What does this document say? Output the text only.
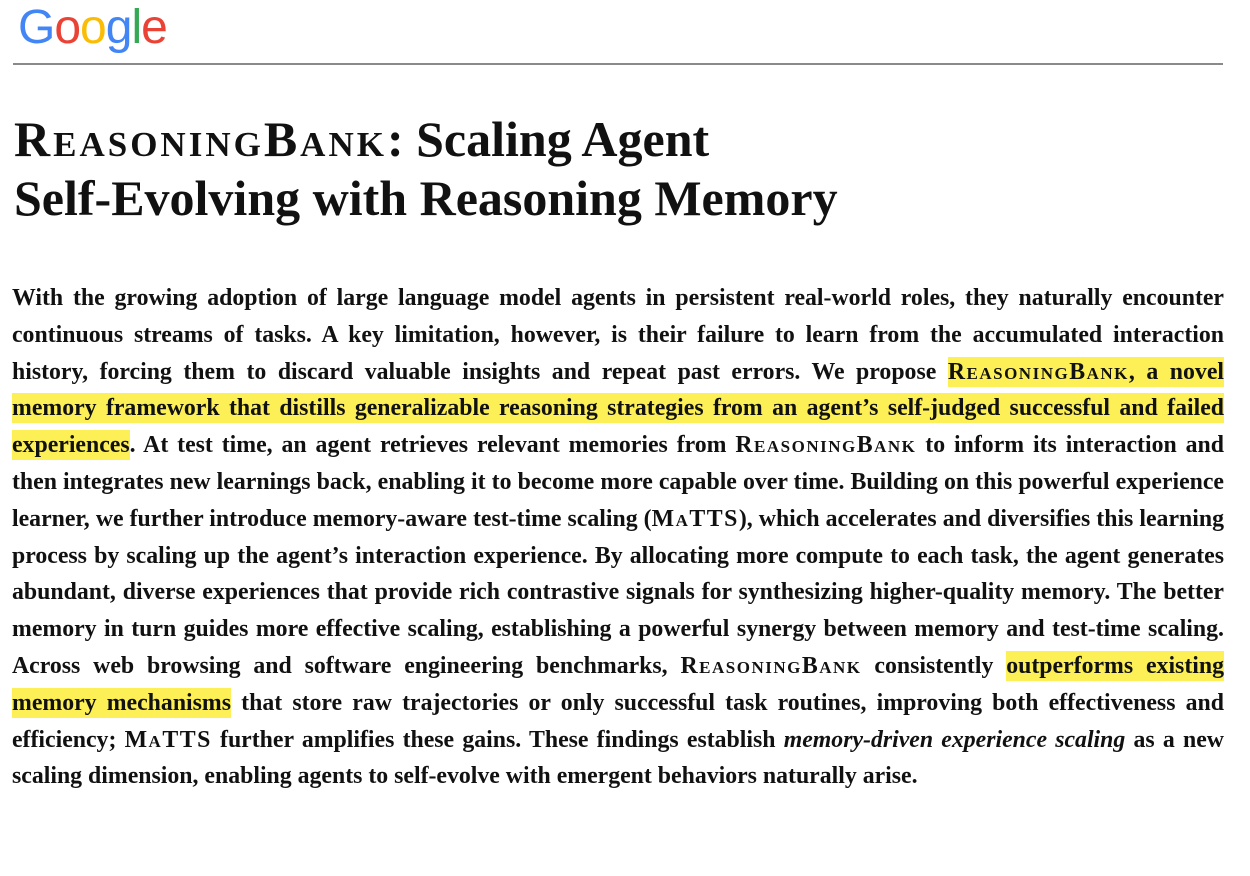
Google
ReasoningBank: Scaling Agent
Self-Evolving with Reasoning Memory

With the growing adoption of large language model agents in persistent real-world roles, they naturally encounter continuous streams of tasks. A key limitation, however, is their failure to learn from the accumulated interaction history, forcing them to discard valuable insights and repeat past errors. We propose ReasoningBank, a novel memory framework that distills generalizable reasoning strategies from an agent’s self-judged successful and failed experiences. At test time, an agent retrieves relevant memories from ReasoningBank to inform its interaction and then integrates new learnings back, enabling it to become more capable over time. Building on this powerful experience learner, we further introduce memory-aware test-time scaling (MaTTS), which accelerates and diversifies this learning process by scaling up the agent’s interaction experience. By allocating more compute to each task, the agent generates abundant, diverse experiences that provide rich contrastive signals for synthesizing higher-quality memory. The better memory in turn guides more effective scaling, establishing a powerful synergy between memory and test-time scaling. Across web browsing and software engineering benchmarks, ReasoningBank consistently outperforms existing memory mechanisms that store raw trajectories or only successful task routines, improving both effectiveness and efficiency; MaTTS further amplifies these gains. These findings establish memory-driven experience scaling as a new scaling dimension, enabling agents to self-evolve with emergent behaviors naturally arise.
